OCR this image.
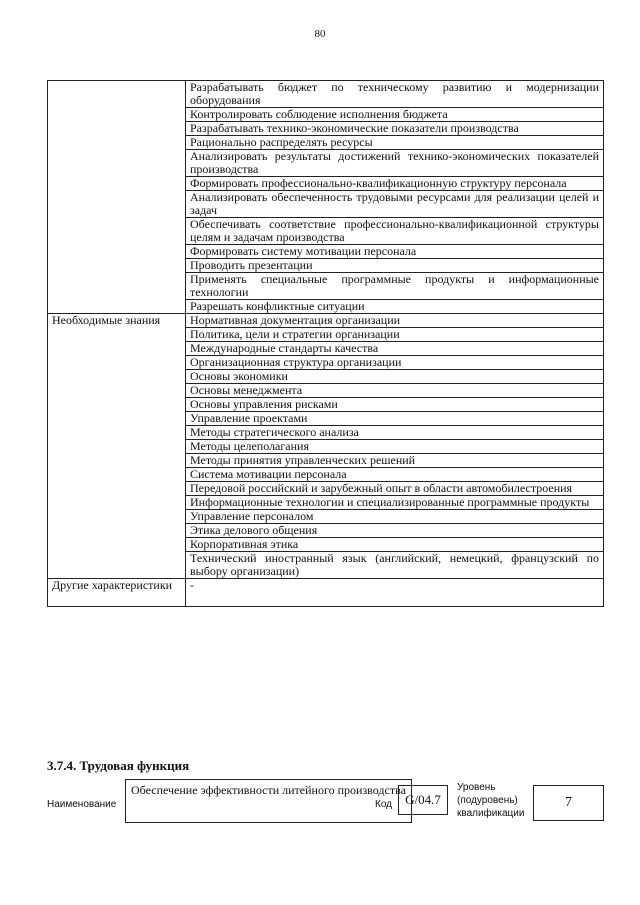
80
	Разрабатывать бюджет по техническому развитию и модернизации оборудования
	Контролировать соблюдение исполнения бюджета
	Разрабатывать технико-экономические показатели производства
	Рационально распределять ресурсы
	Анализировать результаты достижений технико-экономических показателей производства
	Формировать профессионально-квалификационную структуру персонала
	Анализировать обеспеченность трудовыми ресурсами для реализации целей и задач
	Обеспечивать соответствие профессионально-квалификационной структуры целям и задачам производства
	Формировать систему мотивации персонала
	Проводить презентации
	Применять специальные программные продукты и информационные технологии
	Разрешать конфликтные ситуации
Необходимые знания	Нормативная документация организации
	Политика, цели и стратегии организации
	Международные стандарты качества
	Организационная структура организации
	Основы экономики
	Основы менеджмента
	Основы управления рисками
	Управление проектами
	Методы стратегического анализа
	Методы целеполагания
	Методы принятия управленческих решений
	Система мотивации персонала
	Передовой российский и зарубежный опыт в области автомобилестроения
	Информационные технологии и специализированные программные продукты
	Управление персоналом
	Этика делового общения
	Корпоративная этика
	Технический иностранный язык (английский, немецкий, французский по выбору организации)
Другие характеристики	-
3.7.4. Трудовая функция
Наименование
Обеспечение эффективности литейного производства
Код	G/04.7
Уровень (подуровень) квалификации
7
